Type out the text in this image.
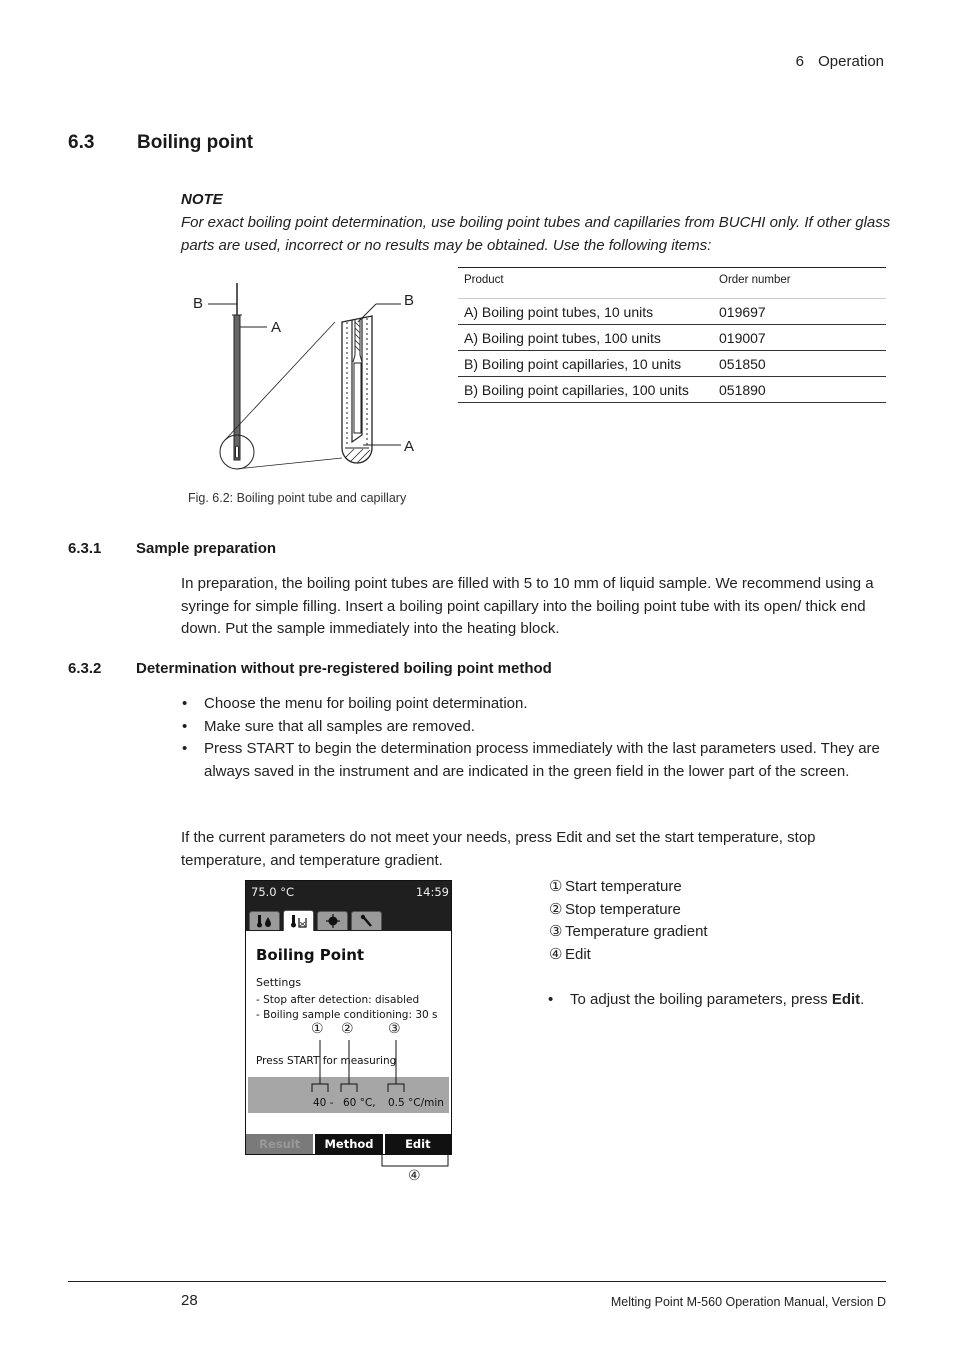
6 Operation
6.3 Boiling point
NOTE
For exact boiling point determination, use boiling point tubes and capillaries from BUCHI only. If other glass parts are used, incorrect or no results may be obtained. Use the following items:
B
A
B
A
Fig. 6.2: Boiling point tube and capillary
Product	Order number
A) Boiling point tubes, 10 units	019697
A) Boiling point tubes, 100 units	019007
B) Boiling point capillaries, 10 units	051850
B) Boiling point capillaries, 100 units	051890
6.3.1 Sample preparation
In preparation, the boiling point tubes are filled with 5 to 10 mm of liquid sample. We recommend using a syringe for simple filling. Insert a boiling point capillary into the boiling point tube with its open/ thick end down. Put the sample immediately into the heating block.
6.3.2 Determination without pre-registered boiling point method
• Choose the menu for boiling point determination.
• Make sure that all samples are removed.
• Press START to begin the determination process immediately with the last parameters used. They are always saved in the instrument and are indicated in the green field in the lower part of the screen.
If the current parameters do not meet your needs, press Edit and set the start temperature, stop temperature, and temperature gradient.
75.0 °C	14:59
Boiling Point
Settings
- Stop after detection: disabled
- Boiling sample conditioning: 30 s
Press START for measuring
40 - 60 °C, 0.5 °C/min
Result	Method	Edit
① ② ③
④
① Start temperature
② Stop temperature
③ Temperature gradient
④ Edit
• To adjust the boiling parameters, press Edit.
28	Melting Point M-560 Operation Manual, Version D
